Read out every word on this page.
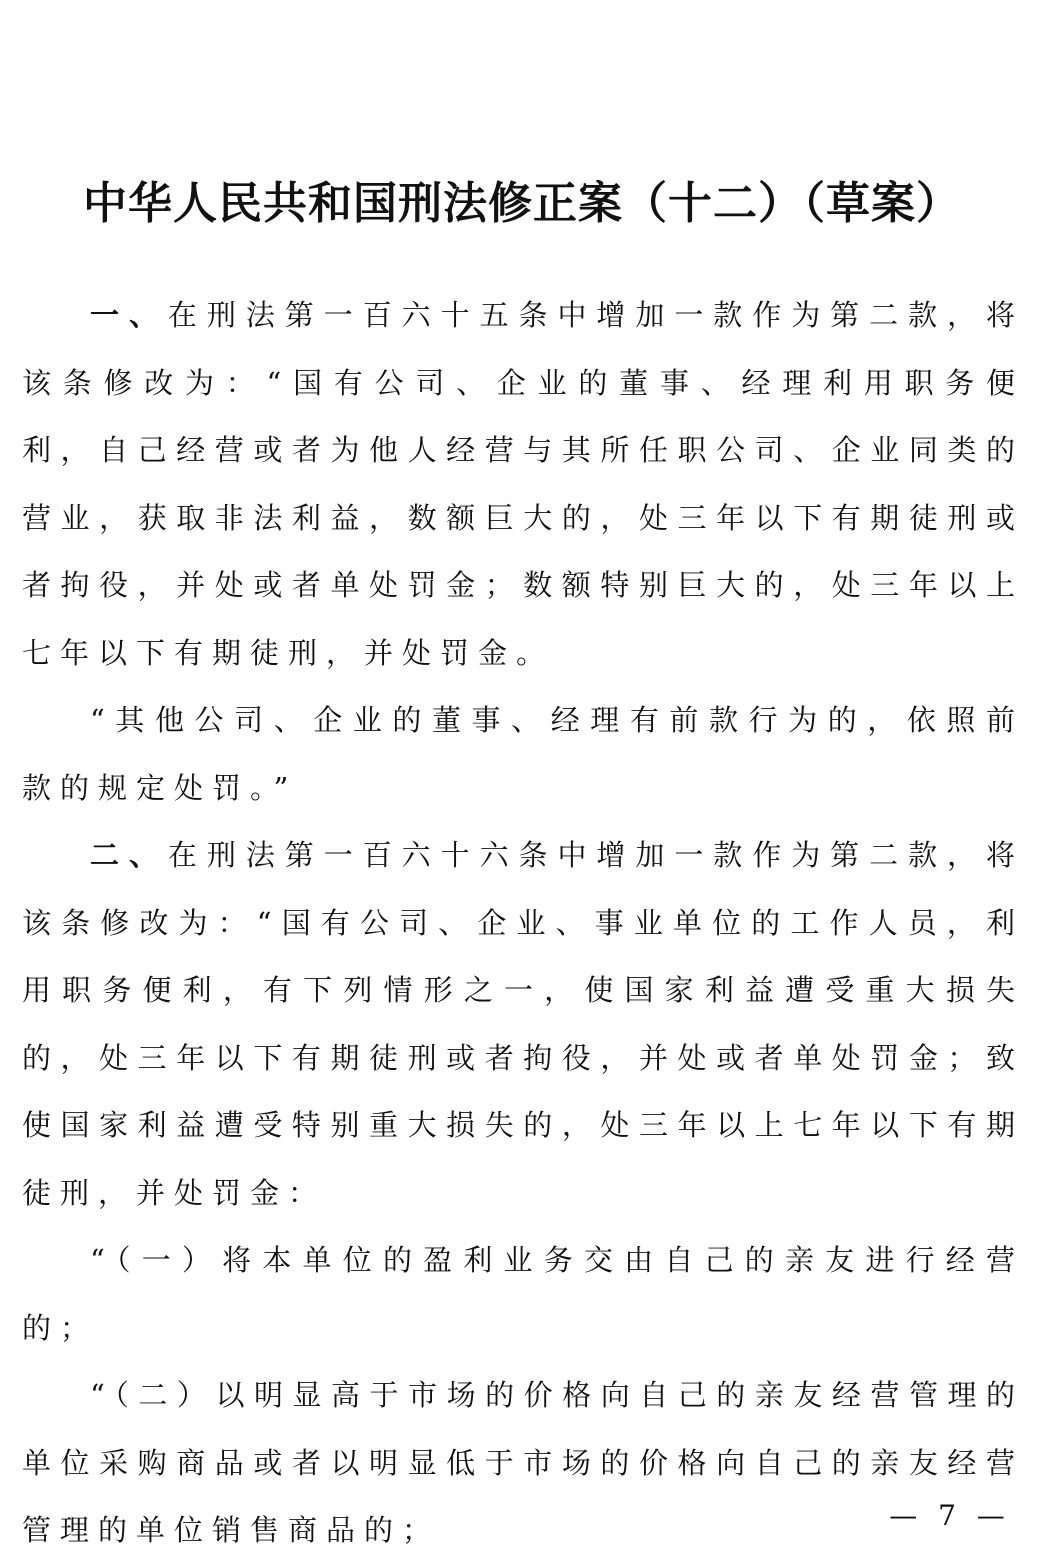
中华人民共和国刑法修正案（十二）（草案）

一、在刑法第一百六十五条中增加一款作为第二款，将该条修改为：“国有公司、企业的董事、经理利用职务便利，自己经营或者为他人经营与其所任职公司、企业同类的营业，获取非法利益，数额巨大的，处三年以下有期徒刑或者拘役，并处或者单处罚金；数额特别巨大的，处三年以上七年以下有期徒刑，并处罚金。

“其他公司、企业的董事、经理有前款行为的，依照前款的规定处罚。”

二、在刑法第一百六十六条中增加一款作为第二款，将该条修改为：“国有公司、企业、事业单位的工作人员，利用职务便利，有下列情形之一，使国家利益遭受重大损失的，处三年以下有期徒刑或者拘役，并处或者单处罚金；致使国家利益遭受特别重大损失的，处三年以上七年以下有期徒刑，并处罚金：

“（一）将本单位的盈利业务交由自己的亲友进行经营的；

“（二）以明显高于市场的价格向自己的亲友经营管理的单位采购商品或者以明显低于市场的价格向自己的亲友经营管理的单位销售商品的；	— 7 —
